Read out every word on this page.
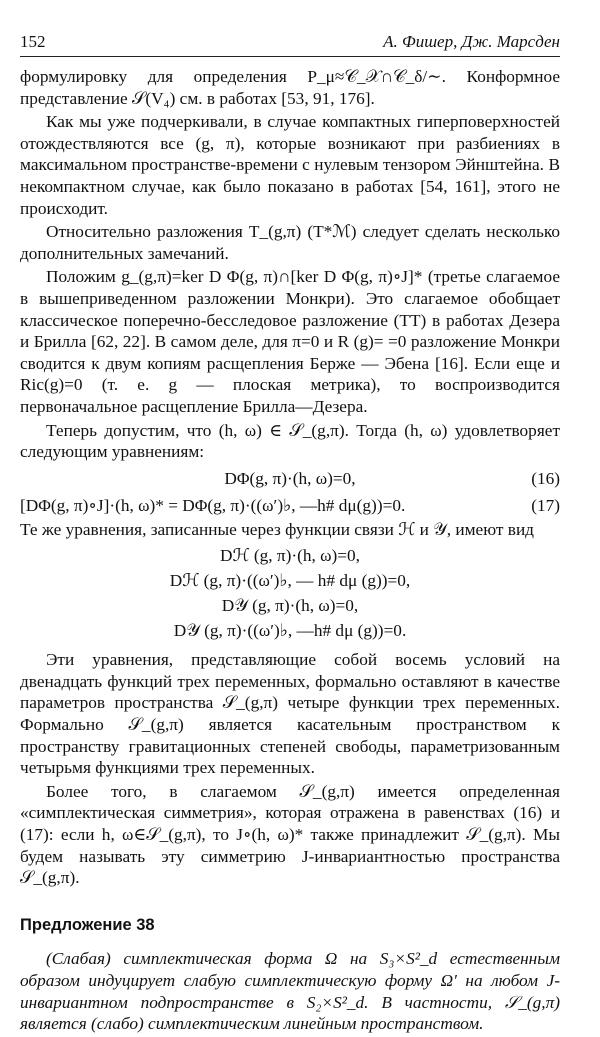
152	А. Фишер, Дж. Марсден

формулировку для определения P_μ≈𝒞_𝒳∩𝒞_δ/∼. Конформное представление 𝒮(V₄) см. в работах [53, 91, 176].

Как мы уже подчеркивали, в случае компактных гиперповерхностей отождествляются все (g, π), которые возникают при разбиениях в максимальном пространстве-времени с нулевым тензором Эйнштейна. В некомпактном случае, как было показано в работах [54, 161], этого не происходит.

Относительно разложения T_(g,π) (T*ℳ) следует сделать несколько дополнительных замечаний.

Положим g_(g,π)=ker D Φ(g, π)∩[ker D Φ(g, π)∘J]* (третье слагаемое в вышеприведенном разложении Монкри). Это слагаемое обобщает классическое поперечно-бесследовое разложение (TT) в работах Дезера и Брилла [62, 22]. В самом деле, для π=0 и R (g)= =0 разложение Монкри сводится к двум копиям расщепления Берже — Эбена [16]. Если еще и Ric(g)=0 (т. е. g — плоская метрика), то воспроизводится первоначальное расщепление Брилла—Дезера.

Теперь допустим, что (h, ω) ∈ 𝒮_(g,π). Тогда (h, ω) удовлетворяет следующим уравнениям:

DΦ(g, π)·(h, ω)=0,	(16)
[DΦ(g, π)∘J]·(h, ω)* = DΦ(g, π)·((ω′)♭, —h# dμ(g))=0.	(17)

Те же уравнения, записанные через функции связи ℋ и 𝒴, имеют вид

Dℋ (g, π)·(h, ω)=0,
Dℋ (g, π)·((ω′)♭, — h# dμ (g))=0,
D𝒴 (g, π)·(h, ω)=0,
D𝒴 (g, π)·((ω′)♭, —h# dμ (g))=0.

Эти уравнения, представляющие собой восемь условий на двенадцать функций трех переменных, формально оставляют в качестве параметров пространства 𝒮_(g,π) четыре функции трех переменных. Формально 𝒮_(g,π) является касательным пространством к пространству гравитационных степеней свободы, параметризованным четырьмя функциями трех переменных.

Более того, в слагаемом 𝒮_(g,π) имеется определенная «симплектическая симметрия», которая отражена в равенствах (16) и (17): если h, ω∈𝒮_(g,π), то J∘(h, ω)* также принадлежит 𝒮_(g,π). Мы будем называть эту симметрию J-инвариантностью пространства 𝒮_(g,π).

Предложение 38

(Слабая) симплектическая форма Ω на S₃×S²_d естественным образом индуцирует слабую симплектическую форму Ω′ на любом J-инвариантном подпространстве в S₂×S²_d. В частности, 𝒮_(g,π) является (слабо) симплектическим линейным пространством.
